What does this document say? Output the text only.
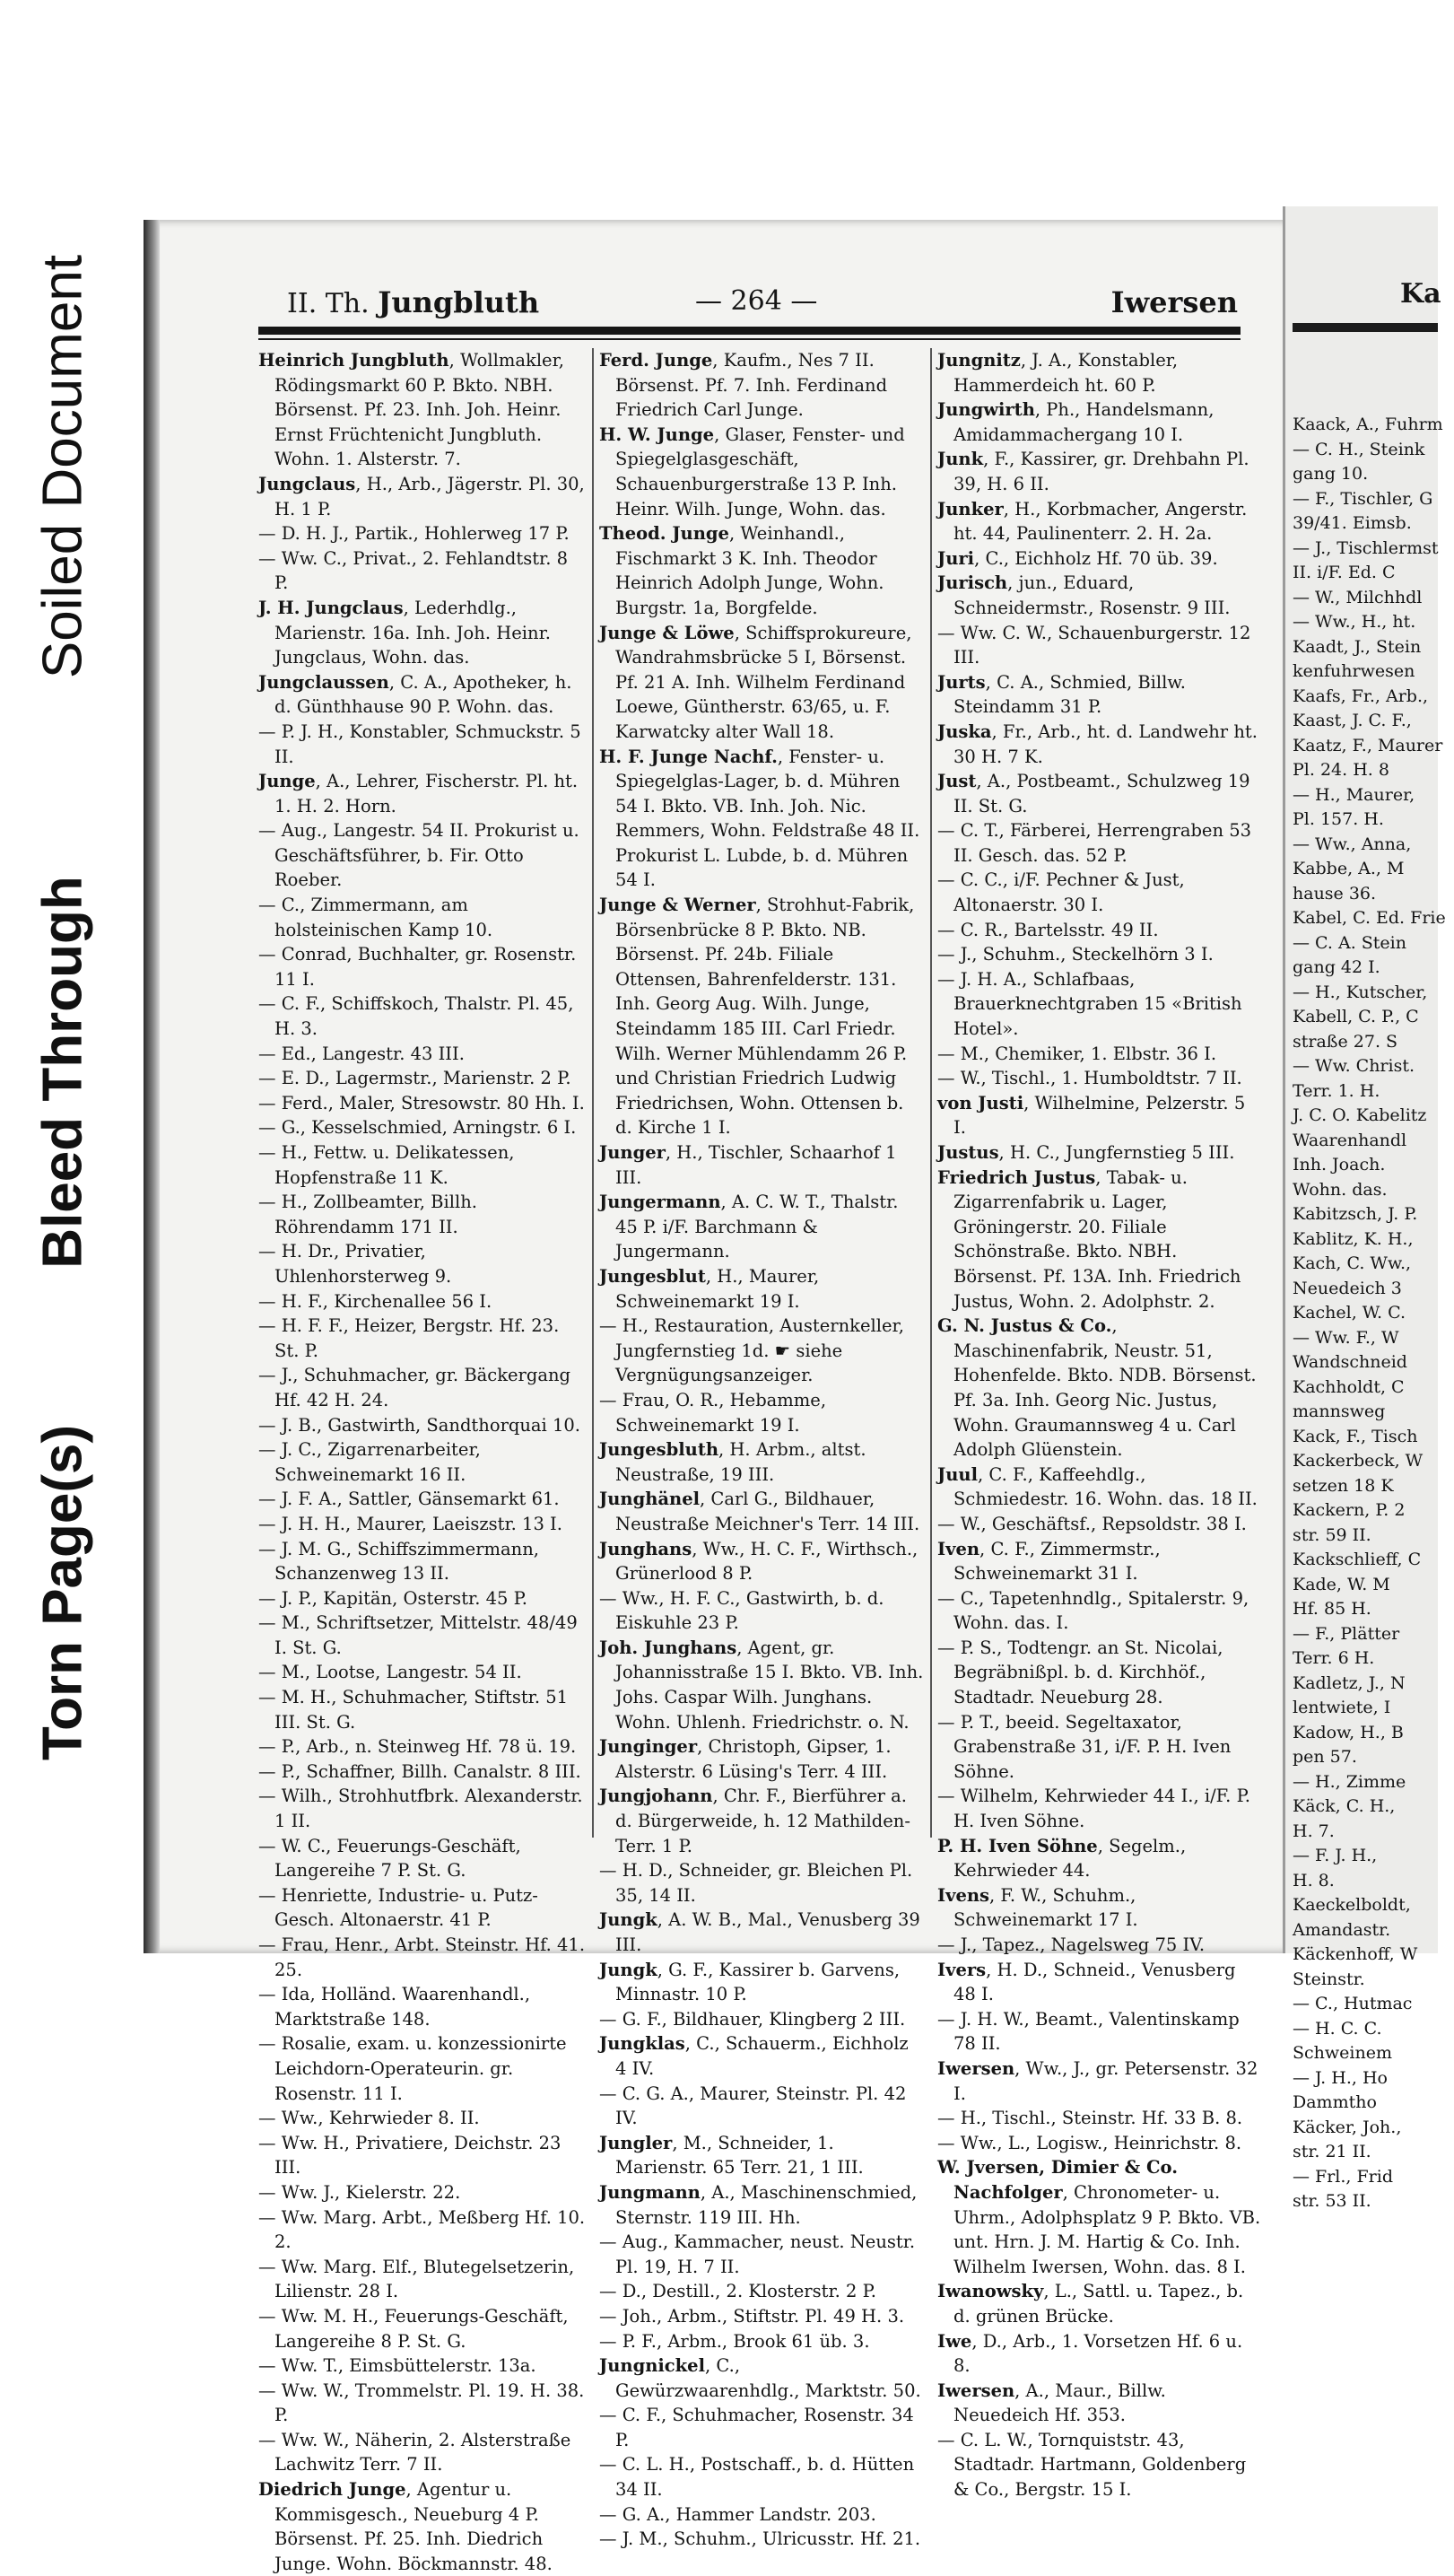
Soiled Document
Bleed Through
Torn Page(s)
Ka
Kaack, A., Fuhrm
— C. H., Steink
gang 10.
— F., Tischler, G
39/41. Eimsb.
— J., Tischlermst
II. i/F. Ed. C
— W., Milchhdl
— Ww., H., ht.
Kaadt, J., Stein
kenfuhrwesen
Kaafs, Fr., Arb.,
Kaast, J. C. F.,
Kaatz, F., Maurer
Pl. 24. H. 8
— H., Maurer,
Pl. 157. H.
— Ww., Anna,
Kabbe, A., M
hause 36.
Kabel, C. Ed. Frie
— C. A. Stein
gang 42 I.
— H., Kutscher,
Kabell, C. P., C
straße 27. S
— Ww. Christ.
Terr. 1. H.
J. C. O. Kabelitz
Waarenhandl
Inh. Joach.
Wohn. das.
Kabitzsch, J. P.
Kablitz, K. H.,
Kach, C. Ww.,
Neuedeich 3
Kachel, W. C.
— Ww. F., W
Wandschneid
Kachholdt, C
mannsweg
Kack, F., Tisch
Kackerbeck, W
setzen 18 K
Kackern, P. 2
str. 59 II.
Kackschlieff, C
Kade, W. M
Hf. 85 H.
— F., Plätter
Terr. 6 H.
Kadletz, J., N
lentwiete, I
Kadow, H., B
pen 57.
— H., Zimme
Käck, C. H.,
H. 7.
— F. J. H.,
H. 8.
Kaeckelboldt,
Amandastr.
Käckenhoff, W
Steinstr.
— C., Hutmac
— H. C. C.
Schweinem
— J. H., Ho
Dammtho
Käcker, Joh.,
str. 21 II.
— Frl., Frid
str. 53 II.
II. Th. Jungbluth	— 264 —	Iwersen

Heinrich Jungbluth, Wollmakler, Rödingsmarkt 60 P. Bkto. NBH. Börsenst. Pf. 23. Inh. Joh. Heinr. Ernst Früchtenicht Jungbluth. Wohn. 1. Alsterstr. 7.

Jungclaus, H., Arb., Jägerstr. Pl. 30, H. 1 P.

— D. H. J., Partik., Hohlerweg 17 P.

— Ww. C., Privat., 2. Fehlandtstr. 8 P.

J. H. Jungclaus, Lederhdlg., Marienstr. 16a. Inh. Joh. Heinr. Jungclaus, Wohn. das.

Jungclaussen, C. A., Apotheker, h. d. Günthhause 90 P. Wohn. das.

— P. J. H., Konstabler, Schmuckstr. 5 II.

Junge, A., Lehrer, Fischerstr. Pl. ht. 1. H. 2. Horn.

— Aug., Langestr. 54 II. Prokurist u. Geschäftsführer, b. Fir. Otto Roeber.

— C., Zimmermann, am holsteinischen Kamp 10.

— Conrad, Buchhalter, gr. Rosenstr. 11 I.

— C. F., Schiffskoch, Thalstr. Pl. 45, H. 3.

— Ed., Langestr. 43 III.

— E. D., Lagermstr., Marienstr. 2 P.

— Ferd., Maler, Stresowstr. 80 Hh. I.

— G., Kesselschmied, Arningstr. 6 I.

— H., Fettw. u. Delikatessen, Hopfenstraße 11 K.

— H., Zollbeamter, Billh. Röhrendamm 171 II.

— H. Dr., Privatier, Uhlenhorsterweg 9.

— H. F., Kirchenallee 56 I.

— H. F. F., Heizer, Bergstr. Hf. 23. St. P.

— J., Schuhmacher, gr. Bäckergang Hf. 42 H. 24.

— J. B., Gastwirth, Sandthorquai 10.

— J. C., Zigarrenarbeiter, Schweinemarkt 16 II.

— J. F. A., Sattler, Gänsemarkt 61.

— J. H. H., Maurer, Laeiszstr. 13 I.

— J. M. G., Schiffszimmermann, Schanzenweg 13 II.

— J. P., Kapitän, Osterstr. 45 P.

— M., Schriftsetzer, Mittelstr. 48/49 I. St. G.

— M., Lootse, Langestr. 54 II.

— M. H., Schuhmacher, Stiftstr. 51 III. St. G.

— P., Arb., n. Steinweg Hf. 78 ü. 19.

— P., Schaffner, Billh. Canalstr. 8 III.

— Wilh., Strohhutfbrk. Alexanderstr. 1 II.

— W. C., Feuerungs-Geschäft, Langereihe 7 P. St. G.

— Henriette, Industrie- u. Putz-Gesch. Altonaerstr. 41 P.

— Frau, Henr., Arbt. Steinstr. Hf. 41. 25.

— Ida, Holländ. Waarenhandl., Marktstraße 148.

— Rosalie, exam. u. konzessionirte Leichdorn-Operateurin. gr. Rosenstr. 11 I.

— Ww., Kehrwieder 8. II.

— Ww. H., Privatiere, Deichstr. 23 III.

— Ww. J., Kielerstr. 22.

— Ww. Marg. Arbt., Meßberg Hf. 10. 2.

— Ww. Marg. Elf., Blutegelsetzerin, Lilienstr. 28 I.

— Ww. M. H., Feuerungs-Geschäft, Langereihe 8 P. St. G.

— Ww. T., Eimsbüttelerstr. 13a.

— Ww. W., Trommelstr. Pl. 19. H. 38. P.

— Ww. W., Näherin, 2. Alsterstraße Lachwitz Terr. 7 II.

Diedrich Junge, Agentur u. Kommisgesch., Neueburg 4 P. Börsenst. Pf. 25. Inh. Diedrich Junge. Wohn. Böckmannstr. 48.

Ferd. Junge, Kaufm., Nes 7 II. Börsenst. Pf. 7. Inh. Ferdinand Friedrich Carl Junge.

H. W. Junge, Glaser, Fenster- und Spiegelglasgeschäft, Schauenburgerstraße 13 P. Inh. Heinr. Wilh. Junge, Wohn. das.

Theod. Junge, Weinhandl., Fischmarkt 3 K. Inh. Theodor Heinrich Adolph Junge, Wohn. Burgstr. 1a, Borgfelde.

Junge & Löwe, Schiffsprokureure, Wandrahmsbrücke 5 I, Börsenst. Pf. 21 A. Inh. Wilhelm Ferdinand Loewe, Güntherstr. 63/65, u. F. Karwatcky alter Wall 18.

H. F. Junge Nachf., Fenster- u. Spiegelglas-Lager, b. d. Mühren 54 I. Bkto. VB. Inh. Joh. Nic. Remmers, Wohn. Feldstraße 48 II. Prokurist L. Lubde, b. d. Mühren 54 I.

Junge & Werner, Strohhut-Fabrik, Börsenbrücke 8 P. Bkto. NB. Börsenst. Pf. 24b. Filiale Ottensen, Bahrenfelderstr. 131. Inh. Georg Aug. Wilh. Junge, Steindamm 185 III. Carl Friedr. Wilh. Werner Mühlendamm 26 P. und Christian Friedrich Ludwig Friedrichsen, Wohn. Ottensen b. d. Kirche 1 I.

Junger, H., Tischler, Schaarhof 1 III.

Jungermann, A. C. W. T., Thalstr. 45 P. i/F. Barchmann & Jungermann.

Jungesblut, H., Maurer, Schweinemarkt 19 I.

— H., Restauration, Austernkeller, Jungfernstieg 1d. ☛ siehe Vergnügungsanzeiger.

— Frau, O. R., Hebamme, Schweinemarkt 19 I.

Jungesbluth, H. Arbm., altst. Neustraße, 19 III.

Junghänel, Carl G., Bildhauer, Neustraße Meichner's Terr. 14 III.

Junghans, Ww., H. C. F., Wirthsch., Grünerlood 8 P.

— Ww., H. F. C., Gastwirth, b. d. Eiskuhle 23 P.

Joh. Junghans, Agent, gr. Johannisstraße 15 I. Bkto. VB. Inh. Johs. Caspar Wilh. Junghans. Wohn. Uhlenh. Friedrichstr. o. N.

Junginger, Christoph, Gipser, 1. Alsterstr. 6 Lüsing's Terr. 4 III.

Jungjohann, Chr. F., Bierführer a. d. Bürgerweide, h. 12 Mathilden-Terr. 1 P.

— H. D., Schneider, gr. Bleichen Pl. 35, 14 II.

Jungk, A. W. B., Mal., Venusberg 39 III.

Jungk, G. F., Kassirer b. Garvens, Minnastr. 10 P.

— G. F., Bildhauer, Klingberg 2 III.

Jungklas, C., Schauerm., Eichholz 4 IV.

— C. G. A., Maurer, Steinstr. Pl. 42 IV.

Jungler, M., Schneider, 1. Marienstr. 65 Terr. 21, 1 III.

Jungmann, A., Maschinenschmied, Sternstr. 119 III. Hh.

— Aug., Kammacher, neust. Neustr. Pl. 19, H. 7 II.

— D., Destill., 2. Klosterstr. 2 P.

— Joh., Arbm., Stiftstr. Pl. 49 H. 3.

— P. F., Arbm., Brook 61 üb. 3.

Jungnickel, C., Gewürzwaarenhdlg., Marktstr. 50.

— C. F., Schuhmacher, Rosenstr. 34 P.

— C. L. H., Postschaff., b. d. Hütten 34 II.

— G. A., Hammer Landstr. 203.

— J. M., Schuhm., Ulricusstr. Hf. 21.

Jungnitz, J. A., Konstabler, Hammerdeich ht. 60 P.

Jungwirth, Ph., Handelsmann, Amidammachergang 10 I.

Junk, F., Kassirer, gr. Drehbahn Pl. 39, H. 6 II.

Junker, H., Korbmacher, Angerstr. ht. 44, Paulinenterr. 2. H. 2a.

Juri, C., Eichholz Hf. 70 üb. 39.

Jurisch, jun., Eduard, Schneidermstr., Rosenstr. 9 III.

— Ww. C. W., Schauenburgerstr. 12 III.

Jurts, C. A., Schmied, Billw. Steindamm 31 P.

Juska, Fr., Arb., ht. d. Landwehr ht. 30 H. 7 K.

Just, A., Postbeamt., Schulzweg 19 II. St. G.

— C. T., Färberei, Herrengraben 53 II. Gesch. das. 52 P.

— C. C., i/F. Pechner & Just, Altonaerstr. 30 I.

— C. R., Bartelsstr. 49 II.

— J., Schuhm., Steckelhörn 3 I.

— J. H. A., Schlafbaas, Brauerknechtgraben 15 «British Hotel».

— M., Chemiker, 1. Elbstr. 36 I.

— W., Tischl., 1. Humboldtstr. 7 II.

von Justi, Wilhelmine, Pelzerstr. 5 I.

Justus, H. C., Jungfernstieg 5 III.

Friedrich Justus, Tabak- u. Zigarrenfabrik u. Lager, Gröningerstr. 20. Filiale Schönstraße. Bkto. NBH. Börsenst. Pf. 13A. Inh. Friedrich Justus, Wohn. 2. Adolphstr. 2.

G. N. Justus & Co., Maschinenfabrik, Neustr. 51, Hohenfelde. Bkto. NDB. Börsenst. Pf. 3a. Inh. Georg Nic. Justus, Wohn. Graumannsweg 4 u. Carl Adolph Glüenstein.

Juul, C. F., Kaffeehdlg., Schmiedestr. 16. Wohn. das. 18 II.

— W., Geschäftsf., Repsoldstr. 38 I.

Iven, C. F., Zimmermstr., Schweinemarkt 31 I.

— C., Tapetenhndlg., Spitalerstr. 9, Wohn. das. I.

— P. S., Todtengr. an St. Nicolai, Begräbnißpl. b. d. Kirchhöf., Stadtadr. Neueburg 28.

— P. T., beeid. Segeltaxator, Grabenstraße 31, i/F. P. H. Iven Söhne.

— Wilhelm, Kehrwieder 44 I., i/F. P. H. Iven Söhne.

P. H. Iven Söhne, Segelm., Kehrwieder 44.

Ivens, F. W., Schuhm., Schweinemarkt 17 I.

— J., Tapez., Nagelsweg 75 IV.

Ivers, H. D., Schneid., Venusberg 48 I.

— J. H. W., Beamt., Valentinskamp 78 II.

Iwersen, Ww., J., gr. Petersenstr. 32 I.

— H., Tischl., Steinstr. Hf. 33 B. 8.

— Ww., L., Logisw., Heinrichstr. 8.

W. Jversen, Dimier & Co. Nachfolger, Chronometer- u. Uhrm., Adolphsplatz 9 P. Bkto. VB. unt. Hrn. J. M. Hartig & Co. Inh. Wilhelm Iwersen, Wohn. das. 8 I.

Iwanowsky, L., Sattl. u. Tapez., b. d. grünen Brücke.

Iwe, D., Arb., 1. Vorsetzen Hf. 6 u. 8.

Iwersen, A., Maur., Billw. Neuedeich Hf. 353.

— C. L. W., Tornquiststr. 43, Stadtadr. Hartmann, Goldenberg & Co., Bergstr. 15 I.
